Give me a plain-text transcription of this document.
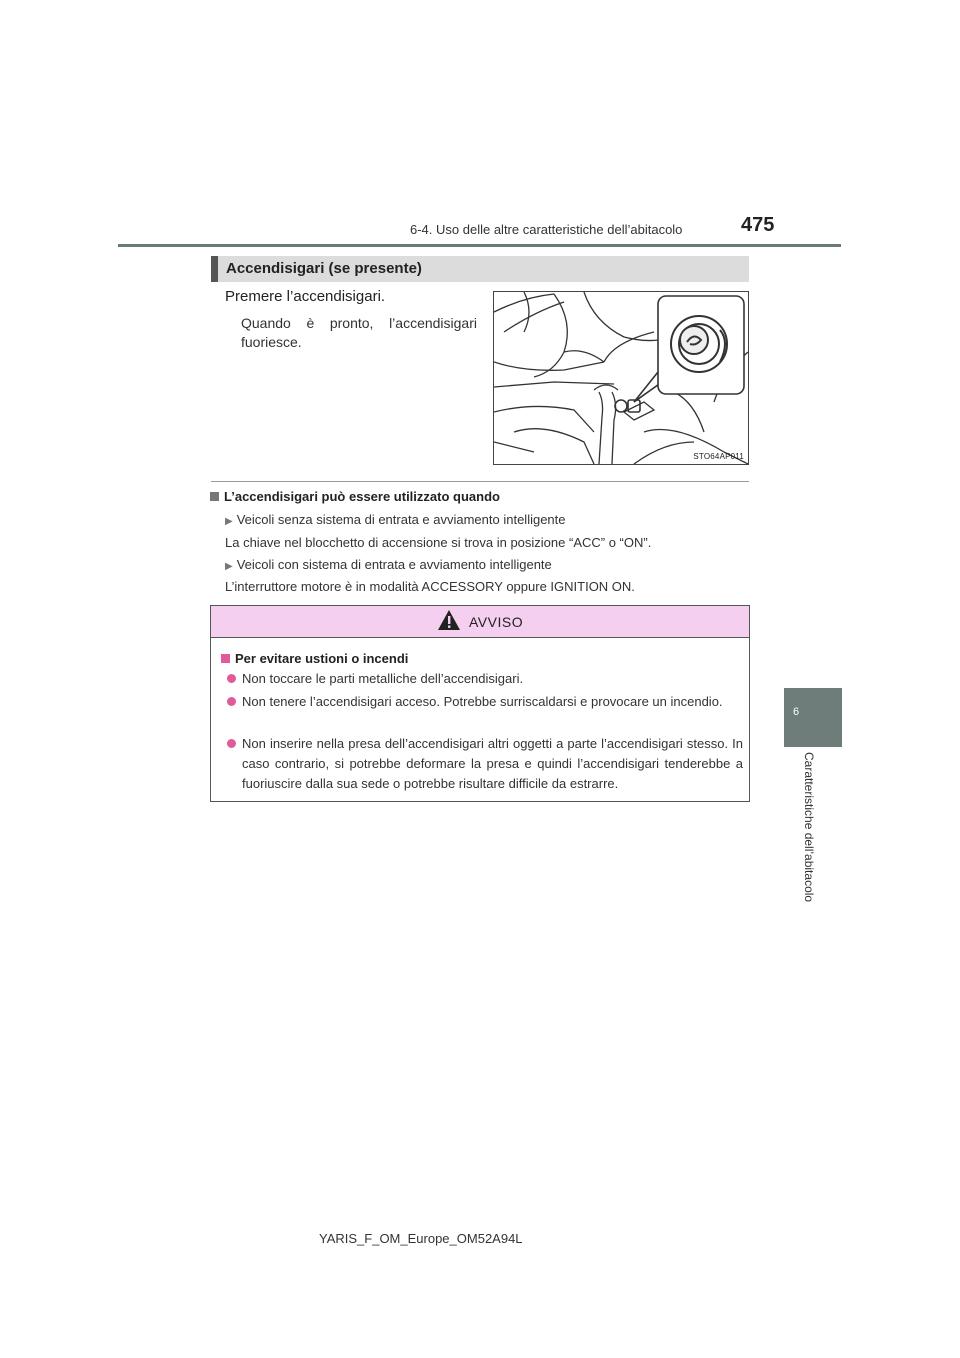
6-4. Uso delle altre caratteristiche dell’abitacolo	475
6
Caratteristiche dell’abitacolo
Accendisigari (se presente)
Premere l’accendisigari.
Quando è pronto, l’accendisigari
fuoriesce.
STO64AP011
L’accendisigari può essere utilizzato quando
▶ Veicoli senza sistema di entrata e avviamento intelligente
La chiave nel blocchetto di accensione si trova in posizione “ACC” o “ON”.
▶ Veicoli con sistema di entrata e avviamento intelligente
L’interruttore motore è in modalità ACCESSORY oppure IGNITION ON.
AVVISO
Per evitare ustioni o incendi
Non toccare le parti metalliche dell’accendisigari.
Non tenere l’accendisigari acceso. Potrebbe surriscaldarsi e provocare un incendio.
Non inserire nella presa dell’accendisigari altri oggetti a parte l’accendisigari stesso. In caso contrario, si potrebbe deformare la presa e quindi l’accendisigari tenderebbe a fuoriuscire dalla sua sede o potrebbe risultare difficile da estrarre.
YARIS_F_OM_Europe_OM52A94L
